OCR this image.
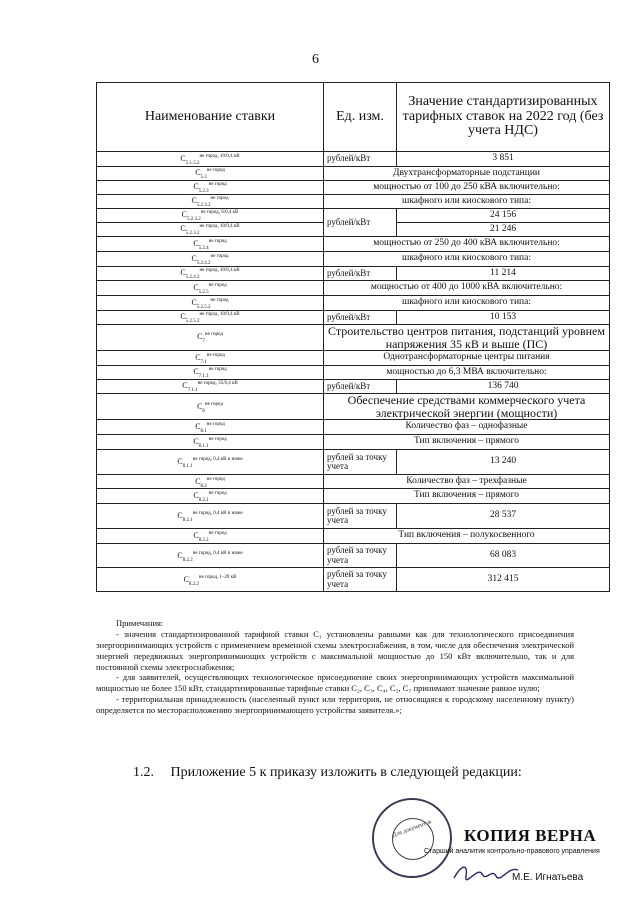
6
Наименование ставки	Ед. изм.	Значение стандартизированных тарифных ставок на 2022 год (без учета НДС)
$С_{5.1.5.2}^{не город, 10/0,4 кВ}$	рублей/кВт	3 851
$С_{5.2}^{не город}$	Двухтрансформаторные подстанции	
$С_{5.2.3}^{не город}$	мощностью от 100 до 250 кВА включительно:	
$С_{5.2.3.2}^{не город}$	шкафного или киоскового типа:	
$С_{5.2.3.2}^{не город, 6/0,4 кВ}$	рублей/кВт	24 156
$С_{5.2.3.2}^{не город, 10/0,4 кВ}$		21 246
$С_{5.2.4}^{не город}$	мощностью от 250 до 400 кВА включительно:	
$С_{5.2.4.2}^{не город}$	шкафного или киоскового типа:	
$С_{5.2.4.2}^{не город, 10/0,4 кВ}$	рублей/кВт	11 214
$С_{5.2.5}^{не город}$	мощностью от 400 до 1000 кВА включительно:	
$С_{5.2.5.2}^{не город}$	шкафного или киоскового типа:	
$С_{5.2.5.2}^{не город, 10/0,4 кВ}$	рублей/кВт	10 153
$С_7^{не город}$	Строительство центров питания, подстанций уровнем напряжения 35 кВ и выше (ПС)	
$С_{7.1}^{не город}$	Однотрансформаторные центры питания	
$С_{7.1.1}^{не город}$	мощностью до 6,3 МВА включительно:	
$С_{7.1.1}^{не город, 35/0,4 кВ}$	рублей/кВт	136 740
$С_8^{не город}$	Обеспечение средствами коммерческого учета электрической энергии (мощности)	
$С_{8.1}^{не город}$	Количество фаз – однофазные	
$С_{8.1.1}^{не город}$	Тип включения – прямого	
$С_{8.1.1}^{не город, 0,4 кВ и ниже}$	рублей за точку учета	13 240
$С_{8.2}^{не город}$	Количество фаз – трехфазные	
$С_{8.2.1}^{не город}$	Тип включения – прямого	
$С_{8.2.1}^{не город, 0,4 кВ и ниже}$	рублей за точку учета	28 537
$С_{8.2.2}^{не город}$	Тип включения – полукосвенного	
$С_{8.2.2}^{не город, 0,4 кВ и ниже}$	рублей за точку учета	68 083
$С_{8.2.2}^{не город, 1-20 кВ}$	рублей за точку учета	312 415

Примечания:

- значения стандартизированной тарифной ставки С₁ установлены равными как для технологического присоединения энергопринимающих устройств с применением временной схемы электроснабжения, в том, числе для обеспечения электрической энергией передвижных энергопринимающих устройств с максимальной мощностью до 150 кВт включительно, так и для постоянной схемы электроснабжения;

- для заявителей, осуществляющих технологическое присоединение своих энергопринимающих устройств максимальной мощностью не более 150 кВт, стандартизированные тарифные ставки С₂, С₃, С₄, С₅, С₇ принимают значение равное нулю;

- территориальная принадлежность (населенный пункт или территория, не относящаяся к городскому населенному пункту) определяется по месторасположению энергопринимающего устройства заявителя.»;

1.2. Приложение 5 к приказу изложить в следующей редакции:
Для документов	КОПИЯ ВЕРНА
Старший аналитик контрольно-правового управления
М.Е. Игнатьева
